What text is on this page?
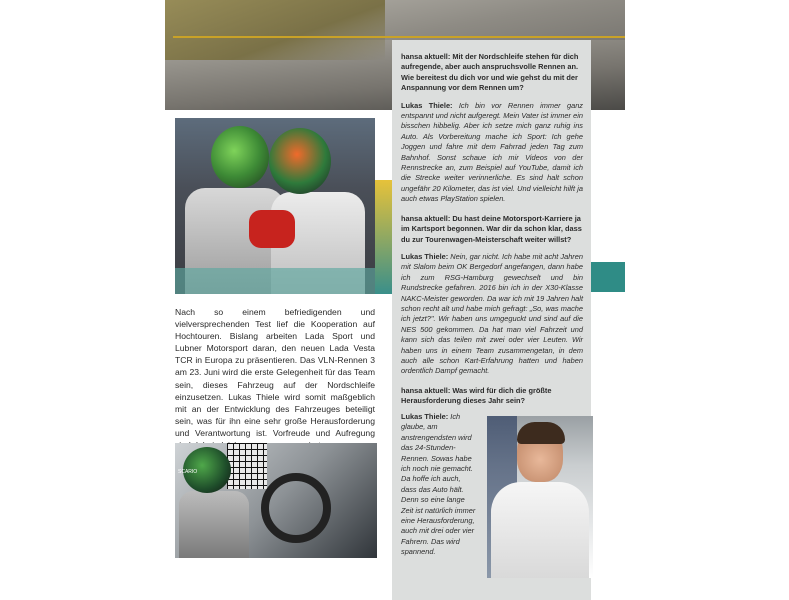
Nach so einem befriedigenden und vielversprechenden Test lief die Kooperation auf Hochtouren. Bislang arbeiten Lada Sport und Lubner Motorsport daran, den neuen Lada Vesta TCR in Europa zu präsentieren. Das VLN-Rennen 3 am 23. Juni wird die erste Gelegenheit für das Team sein, dieses Fahrzeug auf der Nordschleife einzusetzen. Lukas Thiele wird somit maßgeblich mit an der Entwicklung des Fahrzeuges beteiligt sein, was für ihn eine sehr große Herausforderung und Verantwortung ist. Vorfreude und Aufregung
SCARIO

hansa aktuell: Mit der Nordschleife stehen für dich aufregende, aber auch anspruchsvolle Rennen an. Wie bereitest du dich vor und wie gehst du mit der Anspannung vor dem Rennen um?

Lukas Thiele: Ich bin vor Rennen immer ganz entspannt und nicht aufgeregt. Mein Vater ist immer ein bisschen hibbelig. Aber ich setze mich ganz ruhig ins Auto. Als Vorbereitung mache ich Sport: Ich gehe Joggen und fahre mit dem Fahrrad jeden Tag zum Bahnhof. Sonst schaue ich mir Videos von der Rennstrecke an, zum Beispiel auf YouTube, damit ich die Strecke weiter verinnerliche. Es sind halt schon ungefähr 20 Kilometer, das ist viel. Und vielleicht hilft ja auch etwas PlayStation spielen.

hansa aktuell: Du hast deine Motorsport-Karriere ja im Kartsport begonnen. War dir da schon klar, dass du zur Tourenwagen-Meisterschaft weiter willst?

Lukas Thiele: Nein, gar nicht. Ich habe mit acht Jahren mit Slalom beim OK Bergedorf angefangen, dann habe ich zum RSG-Hamburg gewechselt und bin Rundstrecke gefahren. 2016 bin ich in der X30-Klasse NAKC-Meister geworden. Da war ich mit 19 Jahren halt schon recht alt und habe mich gefragt: „So, was mache ich jetzt?". Wir haben uns umgeguckt und sind auf die NES 500 gekommen. Da hat man viel Fahrzeit und kann sich das teilen mit zwei oder vier Leuten. Wir haben uns in einem Team zusammengetan, in dem auch alle schon Kart-Erfahrung hatten und haben ordentlich Dampf gemacht.

hansa aktuell: Was wird für dich die größte Herausforderung dieses Jahr sein?

Lukas Thiele: Ich glaube, am anstrengendsten wird das 24-Stunden-Rennen. Sowas habe ich noch nie gemacht. Da hoffe ich auch, dass das Auto hält. Denn so eine lange Zeit ist natürlich immer eine Herausforderung, auch mit drei oder vier Fahrern. Das wird spannend.
